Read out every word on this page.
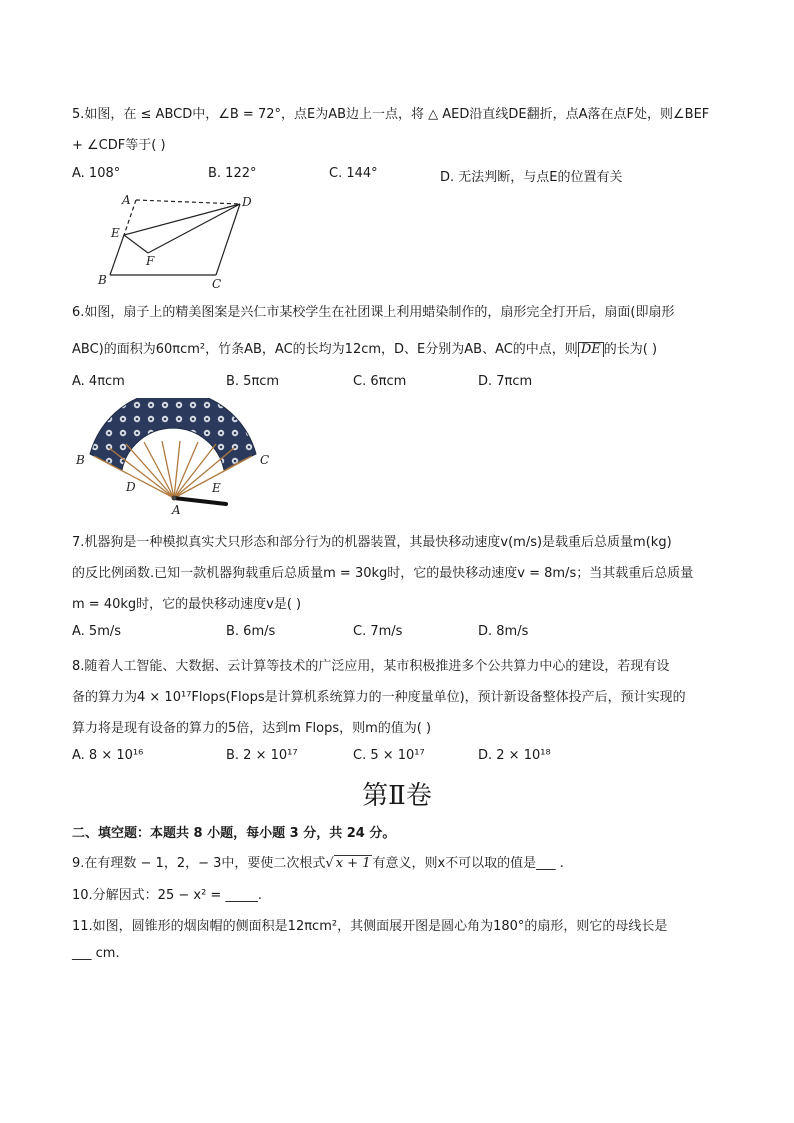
5.如图，在 ≤ ABCD中，∠B = 72°，点E为AB边上一点，将 △ AED沿直线DE翻折，点A落在点F处，则∠BEF
+ ∠CDF等于( )
A. 108°	B. 122°	C. 144°	D. 无法判断，与点E的位置有关
A	D
E
F
B	C
6.如图，扇子上的精美图案是兴仁市某校学生在社团课上利用蜡染制作的，扇形完全打开后，扇面(即扇形
ABC)的面积为60πcm²，竹条AB，AC的长均为12cm，D、E分别为AB、AC的中点，则 DE 的长为( )
A. 4πcm	B. 5πcm	C. 6πcm	D. 7πcm
B	C
D	E
A
7.机器狗是一种模拟真实犬只形态和部分行为的机器装置，其最快移动速度v(m/s)是载重后总质量m(kg)
的反比例函数.已知一款机器狗载重后总质量m = 30kg时，它的最快移动速度v = 8m/s；当其载重后总质量
m = 40kg时，它的最快移动速度v是( )
A. 5m/s	B. 6m/s	C. 7m/s	D. 8m/s
8.随着人工智能、大数据、云计算等技术的广泛应用，某市积极推进多个公共算力中心的建设，若现有设
备的算力为4 × 10¹⁷Flops(Flops是计算机系统算力的一种度量单位)，预计新设备整体投产后，预计实现的
算力将是现有设备的算力的5倍，达到m Flops，则m的值为( )
A. 8 × 10¹⁶	B. 2 × 10¹⁷	C. 5 × 10¹⁷	D. 2 × 10¹⁸
第Ⅱ卷
二、填空题：本题共 8 小题，每小题 3 分，共 24 分。
9.在有理数 − 1，2，− 3中，要使二次根式√ x + 1 有意义，则x不可以取的值是___ .
10.分解因式：25 − x² = _____.
11.如图，圆锥形的烟囱帽的侧面积是12πcm²，其侧面展开图是圆心角为180°的扇形，则它的母线长是
___ cm.
